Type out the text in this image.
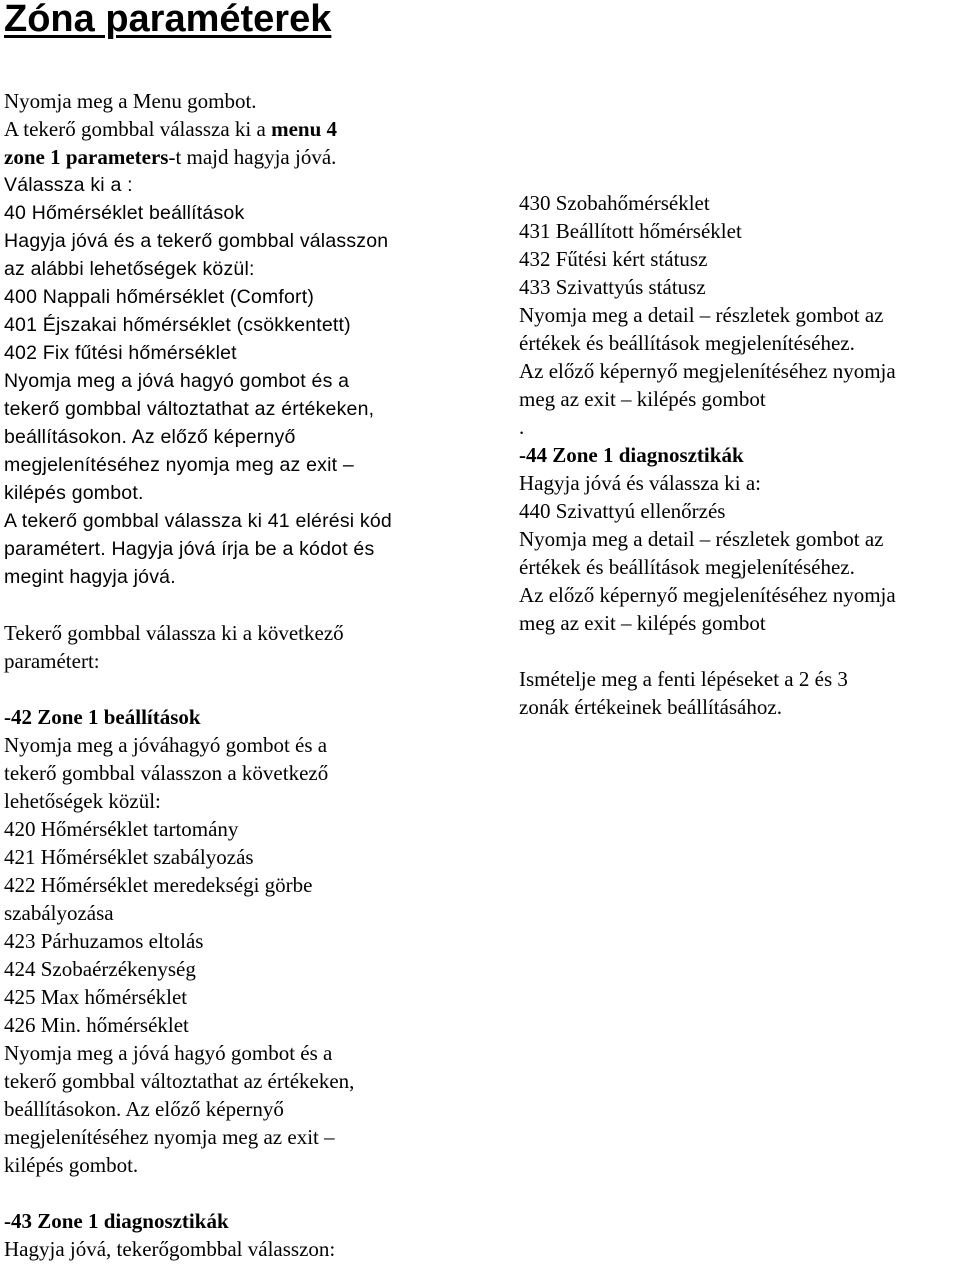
Zóna paraméterek
Nyomja meg a Menu gombot.
A tekerő gombbal válassza ki a menu 4
zone 1 parameters-t majd hagyja jóvá.
Válassza ki a :
40 Hőmérséklet beállítások
Hagyja jóvá és a tekerő gombbal válasszon
az alábbi lehetőségek közül:
400 Nappali hőmérséklet (Comfort)
401 Éjszakai hőmérséklet (csökkentett)
402 Fix fűtési hőmérséklet
Nyomja meg a jóvá hagyó gombot és a
tekerő gombbal változtathat az értékeken,
beállításokon. Az előző képernyő
megjelenítéséhez nyomja meg az exit –
kilépés gombot.
A tekerő gombbal válassza ki 41 elérési kód
paramétert. Hagyja jóvá írja be a kódot és
megint hagyja jóvá.
Tekerő gombbal válassza ki a következő
paramétert:
-42 Zone 1 beállítások
Nyomja meg a jóváhagyó gombot és a
tekerő gombbal válasszon a következő
lehetőségek közül:
420 Hőmérséklet tartomány
421 Hőmérséklet szabályozás
422 Hőmérséklet meredekségi görbe
szabályozása
423 Párhuzamos eltolás
424 Szobaérzékenység
425 Max hőmérséklet
426 Min. hőmérséklet
Nyomja meg a jóvá hagyó gombot és a
tekerő gombbal változtathat az értékeken,
beállításokon. Az előző képernyő
megjelenítéséhez nyomja meg az exit –
kilépés gombot.
-43 Zone 1 diagnosztikák
Hagyja jóvá, tekerőgombbal válasszon:
430 Szobahőmérséklet
431 Beállított hőmérséklet
432 Fűtési kért státusz
433 Szivattyús státusz
Nyomja meg a detail – részletek gombot az
értékek és beállítások megjelenítéséhez.
Az előző képernyő megjelenítéséhez nyomja
meg az exit – kilépés gombot
.
-44 Zone 1 diagnosztikák
Hagyja jóvá és válassza ki a:
440 Szivattyú ellenőrzés
Nyomja meg a detail – részletek gombot az
értékek és beállítások megjelenítéséhez.
Az előző képernyő megjelenítéséhez nyomja
meg az exit – kilépés gombot
Ismételje meg a fenti lépéseket a 2 és 3
zonák értékeinek beállításához.
